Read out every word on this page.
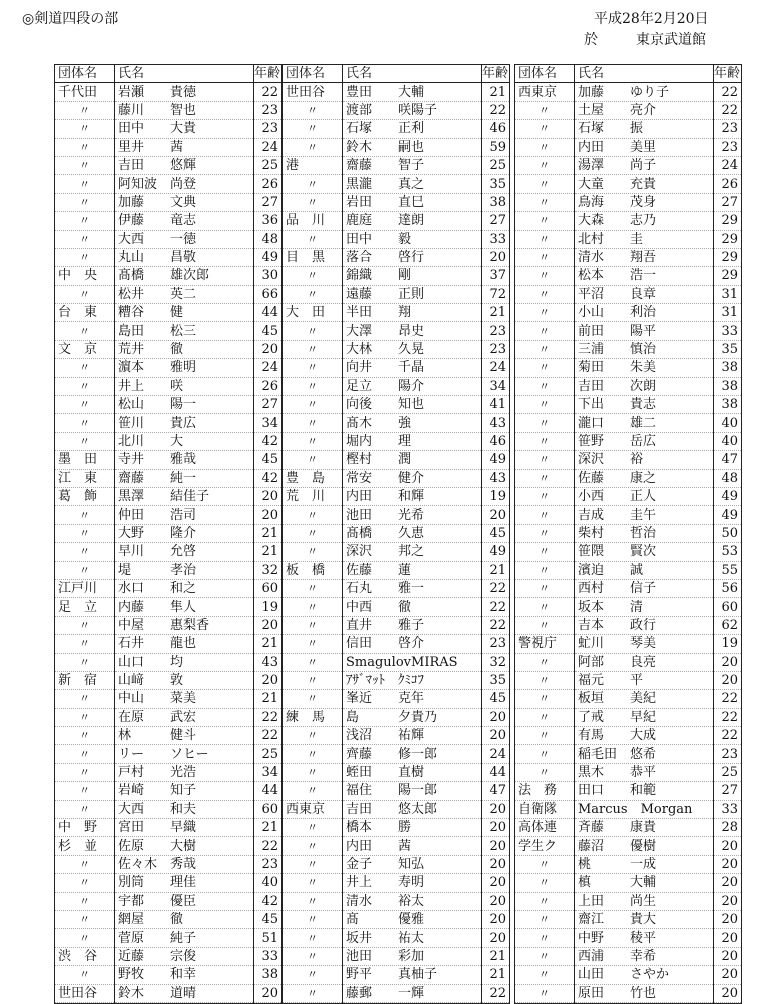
◎剣道四段の部	平成28年2月20日
於	東京武道館
団体名	氏名	年齢
千代田	岩瀬　　貴徳	22
〃	藤川　　智也	23
〃	田中　　大貴	23
〃	里井　　茜	24
〃	吉田　　悠輝	25
〃	阿知波　尚登	26
〃	加藤　　文典	27
〃	伊藤　　竜志	36
〃	大西　　一徳	48
〃	丸山　　昌敬	49
中　央	髙橋　　雄次郎	30
〃	松井　　英二	66
台　東	糟谷　　健	44
〃	島田　　松三	45
文　京	荒井　　徹	20
〃	濵本　　雅明	24
〃	井上　　咲	26
〃	松山　　陽一	27
〃	笹川　　貴広	34
〃	北川　　大	42
墨　田	寺井　　雅哉	45
江　東	齋藤　　純一	42
葛　飾	黒澤　　結佳子	20
〃	仲田　　浩司	20
〃	大野　　隆介	21
〃	早川　　允啓	21
〃	堤　　　孝治	32
江戸川	水口　　和之	60
足　立	内藤　　隼人	19
〃	中屋　　惠梨香	20
〃	石井　　龍也	21
〃	山口　　均	43
新　宿	山﨑　　敦	20
〃	中山　　菜美	21
〃	在原　　武宏	22
〃	林　　　健斗	22
〃	リー　　ソヒー	25
〃	戸村　　光浩	34
〃	岩崎　　知子	44
〃	大西　　和夫	60
中　野	宮田　　早織	21
杉　並	佐原　　大樹	22
〃	佐々木　秀哉	23
〃	別筒　　理佳	40
〃	宇都　　優臣	42
〃	網屋　　徹	45
〃	菅原　　純子	51
渋　谷	近藤　　宗俊	33
〃	野牧　　和幸	38
世田谷	鈴木　　道晴	20
団体名	氏名	年齢
世田谷	豊田　　大輔	21
〃	渡部　　咲陽子	22
〃	石塚　　正利	46
〃	鈴木　　嗣也	59
港	齋藤　　智子	25
〃	黒瀧　　真之	35
〃	岩田　　直巳	38
品　川	鹿庭　　達朗	27
〃	田中　　毅	33
目　黒	落合　　啓行	20
〃	錦織　　剛	37
〃	遠藤　　正則	72
大　田	半田　　翔	21
〃	大澤　　昂史	23
〃	大林　　久晃	23
〃	向井　　千晶	24
〃	足立　　陽介	34
〃	向後　　知也	41
〃	髙木　　強	43
〃	堀内　　理	46
〃	樫村　　潤	49
豊　島	常安　　健介	43
荒　川	内田　　和輝	19
〃	池田　　光希	20
〃	髙橋　　久恵	45
〃	深沢　　邦之	49
板　橋	佐藤　　蓮	21
〃	石丸　　雅一	22
〃	中西　　徹	22
〃	直井　　雅子	22
〃	信田　　啓介	23
〃	SmagulovMIRAS	32
〃	ｱｻﾞﾏｯﾄ　ｸﾐｺﾌ	35
〃	峯近　　克年	45
練　馬	島　　　夕貴乃	20
〃	浅沼　　祐輝	20
〃	齊藤　　修一郎	24
〃	蛭田　　直樹	44
〃	福住　　陽一郎	47
西東京	吉田　　悠太郎	20
〃	橋本　　勝	20
〃	内田　　茜	20
〃	金子　　知弘	20
〃	井上　　寿明	20
〃	清水　　裕太	20
〃	髙　　　優雅	20
〃	坂井　　祐太	20
〃	池田　　彩加	21
〃	野平　　真柚子	21
〃	藤郵　　一輝	22
団体名	氏名	年齢
西東京	加藤　　ゆり子	22
〃	土屋　　亮介	22
〃	石塚　　振	23
〃	内田　　美里	23
〃	湯澤　　尚子	24
〃	大童　　充貴	26
〃	鳥海　　茂身	27
〃	大森　　志乃	29
〃	北村　　圭	29
〃	清水　　翔吾	29
〃	松本　　浩一	29
〃	平沼　　良章	31
〃	小山　　利治	31
〃	前田　　陽平	33
〃	三浦　　慎治	35
〃	菊田　　朱美	38
〃	吉田　　次朗	38
〃	下出　　貴志	38
〃	瀧口　　雄二	40
〃	笹野　　岳広	40
〃	深沢　　裕	47
〃	佐藤　　康之	48
〃	小西　　正人	49
〃	吉成　　圭午	49
〃	柴村　　哲治	50
〃	笹隈　　賢次	53
〃	濱迫　　誠	55
〃	西村　　信子	56
〃	坂本　　清	60
〃	吉本　　政行	62
警視庁	虻川　　琴美	19
〃	阿部　　良亮	20
〃	福元　　平	20
〃	板垣　　美紀	22
〃	了戒　　早紀	22
〃	有馬　　大成	22
〃	稲毛田　悠希	23
〃	黒木　　恭平	25
法　務	田口　　和範	27
自衛隊	Marcus　Morgan	33
高体連	斉藤　　康貴	28
学生ク	藤沼　　優樹	20
〃	桃　　　一成	20
〃	槙　　　大輔	20
〃	上田　　尚生	20
〃	齋江　　貴大	20
〃	中野　　稜平	20
〃	西浦　　幸希	20
〃	山田　　さやか	20
〃	原田　　竹也	20
